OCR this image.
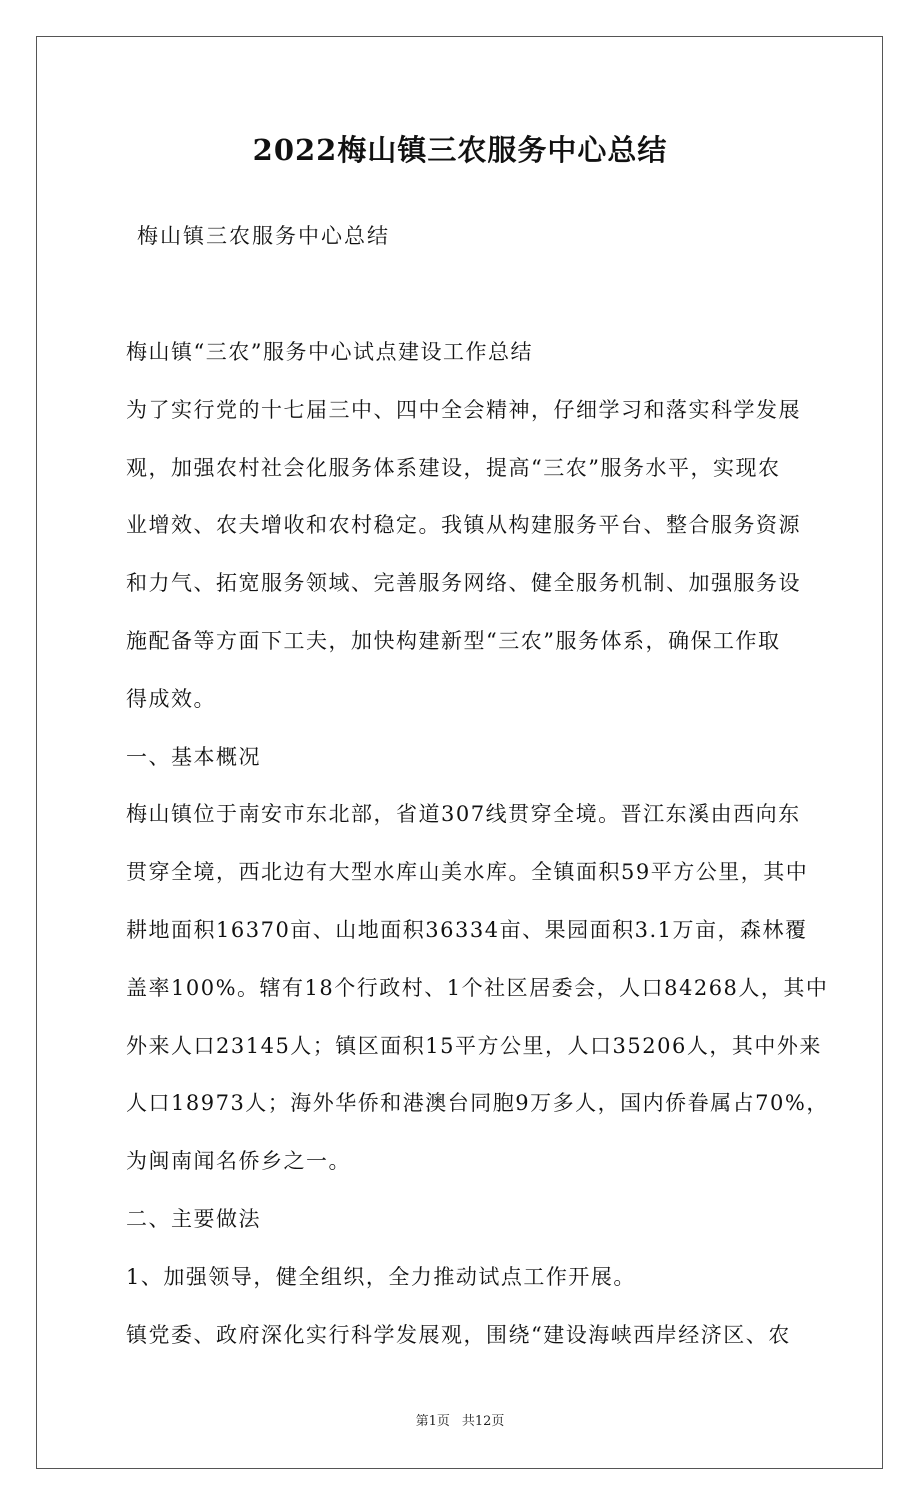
2022梅山镇三农服务中心总结

梅山镇三农服务中心总结

梅山镇“三农”服务中心试点建设工作总结
为了实行党的十七届三中、四中全会精神，仔细学习和落实科学发展
观，加强农村社会化服务体系建设，提高“三农”服务水平，实现农
业增效、农夫增收和农村稳定。我镇从构建服务平台、整合服务资源
和力气、拓宽服务领域、完善服务网络、健全服务机制、加强服务设
施配备等方面下工夫，加快构建新型“三农”服务体系，确保工作取
得成效。
一、基本概况
梅山镇位于南安市东北部，省道307线贯穿全境。晋江东溪由西向东
贯穿全境，西北边有大型水库山美水库。全镇面积59平方公里，其中
耕地面积16370亩、山地面积36334亩、果园面积3.1万亩，森林覆
盖率100%。辖有18个行政村、1个社区居委会，人口84268人，其中
外来人口23145人；镇区面积15平方公里，人口35206人，其中外来
人口18973人；海外华侨和港澳台同胞9万多人，国内侨眷属占70%，
为闽南闻名侨乡之一。
二、主要做法
1、加强领导，健全组织，全力推动试点工作开展。
镇党委、政府深化实行科学发展观，围绕“建设海峡西岸经济区、农
第1页 共12页
